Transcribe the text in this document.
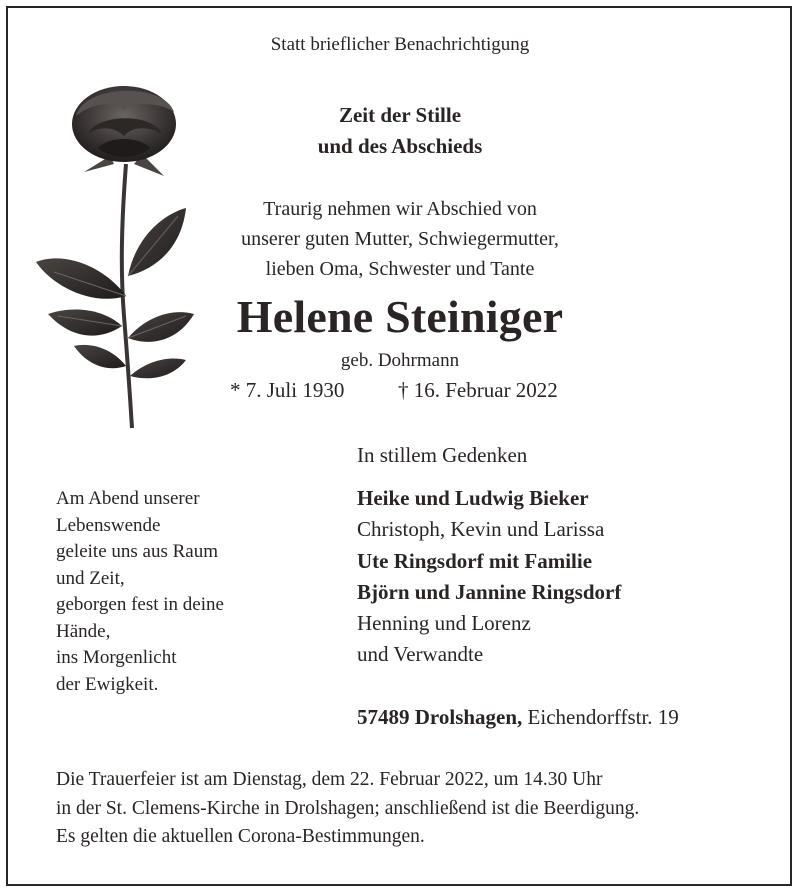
Statt brieflicher Benachrichtigung
Zeit der Stille
und des Abschieds
Traurig nehmen wir Abschied von
unserer guten Mutter, Schwiegermutter,
lieben Oma, Schwester und Tante
Helene Steiniger
geb. Dohrmann
* 7. Juli 1930	† 16. Februar 2022
Am Abend unserer
Lebenswende
geleite uns aus Raum
und Zeit,
geborgen fest in deine
Hände,
ins Morgenlicht
der Ewigkeit.
In stillem Gedenken
Heike und Ludwig Bieker
Christoph, Kevin und Larissa
Ute Ringsdorf mit Familie
Björn und Jannine Ringsdorf
Henning und Lorenz
und Verwandte
57489 Drolshagen, Eichendorffstr. 19
Die Trauerfeier ist am Dienstag, dem 22. Februar 2022, um 14.30 Uhr
in der St. Clemens-Kirche in Drolshagen; anschließend ist die Beerdigung.
Es gelten die aktuellen Corona-Bestimmungen.
